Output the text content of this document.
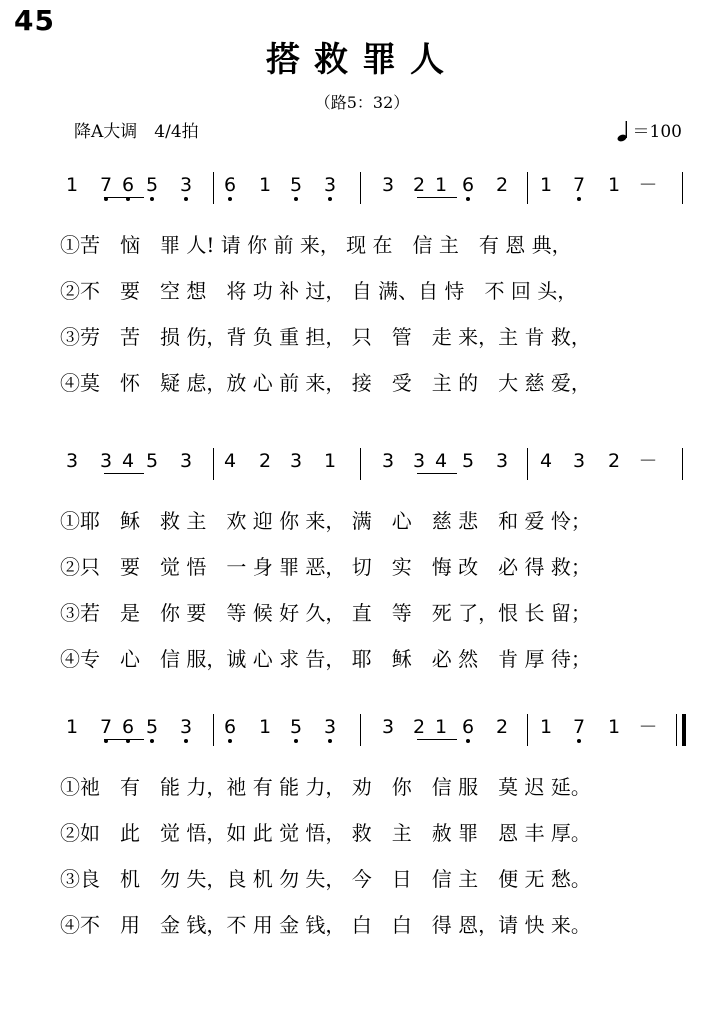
45
搭救罪人
（路5：32）
降A大调　4/4拍	＝100
1 7 6 5 3 6 1 5 3 3 2 1 6 2 1 7 1 －
①苦　恼　罪 人! 请 你 前 来， 现 在　信 主　有 恩 典，
②不　要　空 想　将 功 补 过， 自 满、自 恃　不 回 头，
③劳　苦　损 伤，背 负 重 担， 只　管　走 来，主 肯 救，
④莫　怀　疑 虑，放 心 前 来， 接　受　主 的　大 慈 爱，
3 3 4 5 3 4 2 3 1 3 3 4 5 3 4 3 2 －
①耶　稣　救 主　欢 迎 你 来， 满　心　慈 悲　和 爱 怜；
②只　要　觉 悟　一 身 罪 恶， 切　实　悔 改　必 得 救；
③若　是　你 要　等 候 好 久， 直　等　死 了，恨 长 留；
④专　心　信 服，诚 心 求 告， 耶　稣　必 然　肯 厚 待；
1 7 6 5 3 6 1 5 3 3 2 1 6 2 1 7 1 －
①祂　有　能 力，祂 有 能 力， 劝　你　信 服　莫 迟 延。
②如　此　觉 悟，如 此 觉 悟， 救　主　赦 罪　恩 丰 厚。
③良　机　勿 失，良 机 勿 失， 今　日　信 主　便 无 愁。
④不　用　金 钱，不 用 金 钱， 白　白　得 恩，请 快 来。
